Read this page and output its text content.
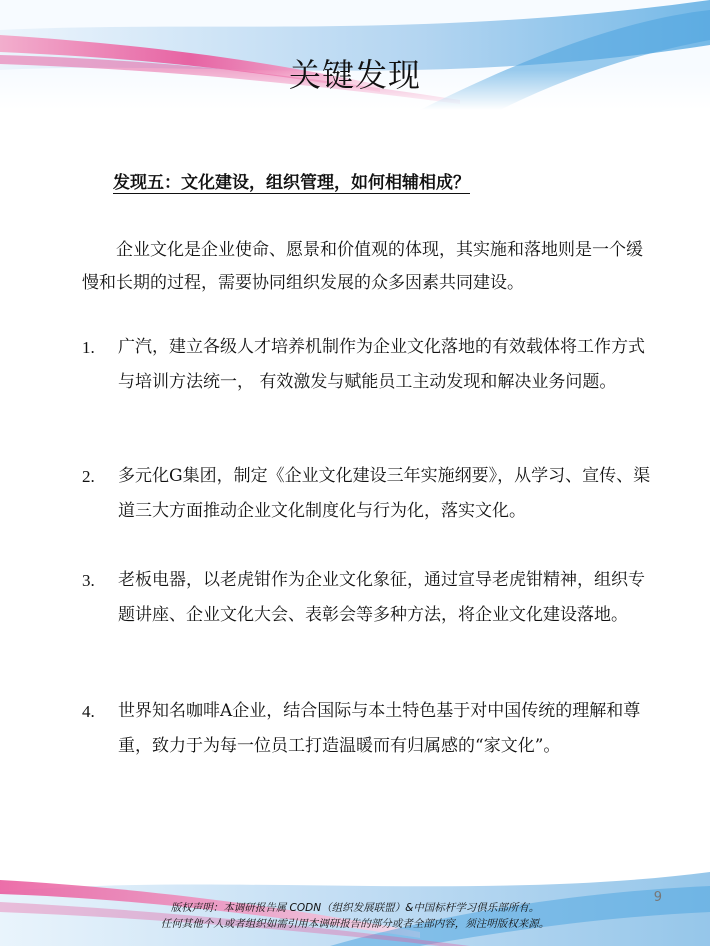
关键发现
发现五：文化建设，组织管理，如何相辅相成？
企业文化是企业使命、愿景和价值观的体现，其实施和落地则是一个缓慢和长期的过程，需要协同组织发展的众多因素共同建设。
1.	广汽，建立各级人才培养机制作为企业文化落地的有效载体将工作方式与培训方法统一， 有效激发与赋能员工主动发现和解决业务问题。
2.	多元化G集团，制定《企业文化建设三年实施纲要》，从学习、宣传、渠道三大方面推动企业文化制度化与行为化，落实文化。
3.	老板电器，以老虎钳作为企业文化象征，通过宣导老虎钳精神，组织专题讲座、企业文化大会、表彰会等多种方法，将企业文化建设落地。
4.	世界知名咖啡A企业，结合国际与本土特色基于对中国传统的理解和尊重，致力于为每一位员工打造温暖而有归属感的“家文化”。
9
版权声明：本调研报告属 CODN（组织发展联盟）&中国标杆学习俱乐部所有。
任何其他个人或者组织如需引用本调研报告的部分或者全部内容，须注明版权来源。
